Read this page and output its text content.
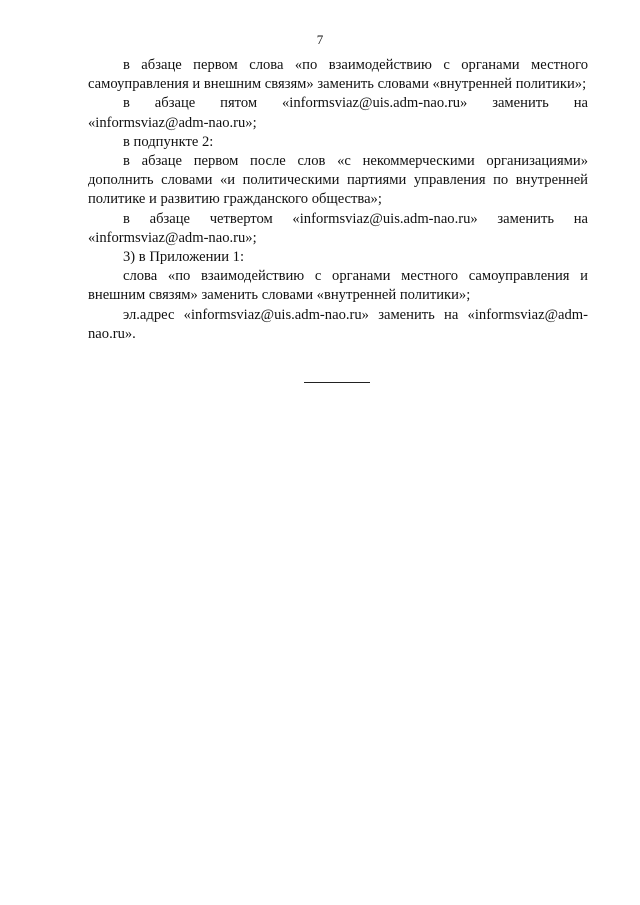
7

в абзаце первом слова «по взаимодействию с органами местного самоуправления и внешним связям» заменить словами «внутренней политики»;

в абзаце пятом «informsviaz@uis.adm-nao.ru» заменить на «informsviaz@adm-nao.ru»;

в подпункте 2:

в абзаце первом после слов «с некоммерческими организациями» дополнить словами «и политическими партиями управления по внутренней политике и развитию гражданского общества»;

в абзаце четвертом «informsviaz@uis.adm-nao.ru» заменить на «informsviaz@adm-nao.ru»;

3) в Приложении 1:

слова «по взаимодействию с органами местного самоуправления и внешним связям» заменить словами «внутренней политики»;

эл.адрес «informsviaz@uis.adm-nao.ru» заменить на «informsviaz@adm-nao.ru».
